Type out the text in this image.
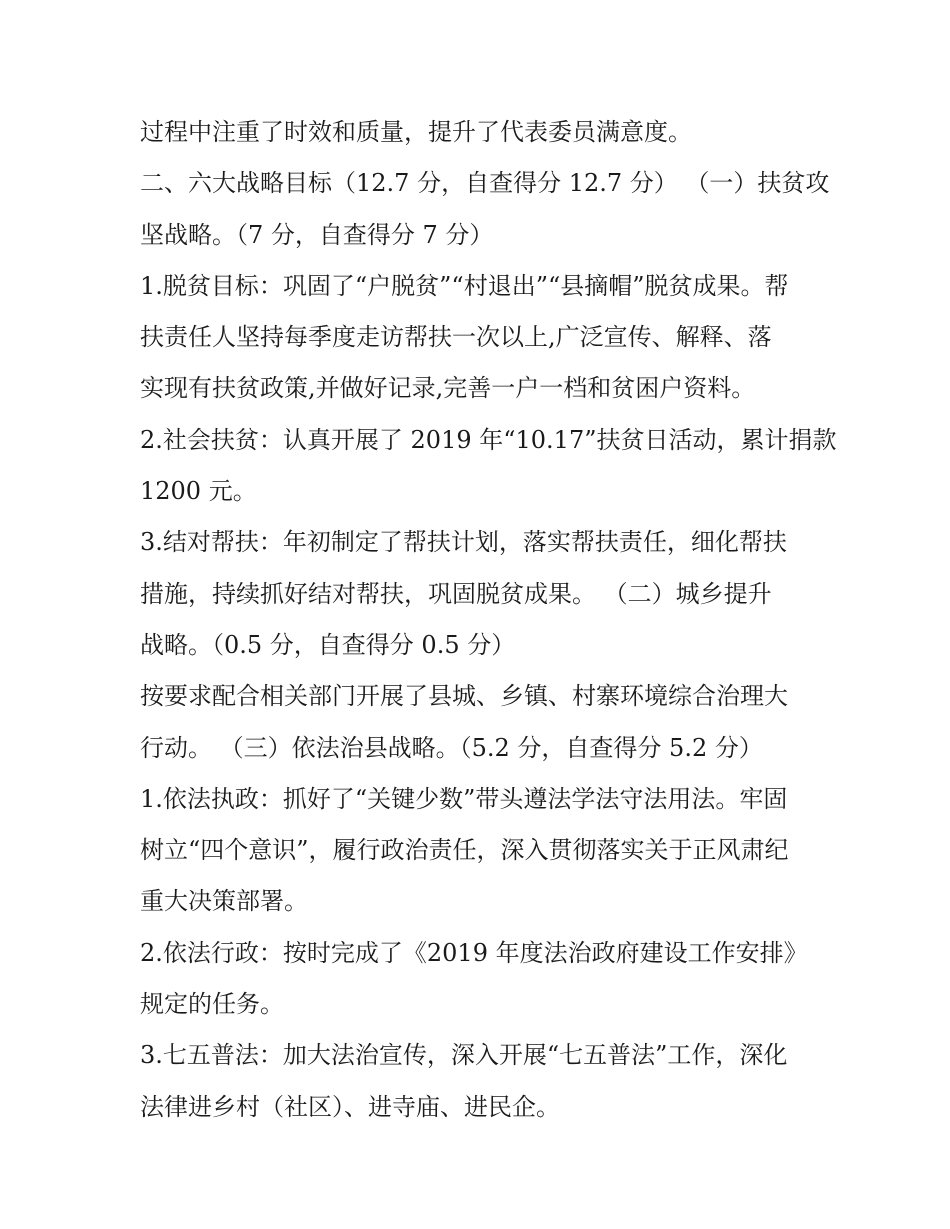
过程中注重了时效和质量，提升了代表委员满意度。
二、六大战略目标（12.7 分，自查得分 12.7 分） （一）扶贫攻
坚战略。（7 分，自查得分 7 分）
1.脱贫目标：巩固了“户脱贫”“村退出”“县摘帽”脱贫成果。帮
扶责任人坚持每季度走访帮扶一次以上,广泛宣传、解释、落
实现有扶贫政策,并做好记录,完善一户一档和贫困户资料。
2.社会扶贫：认真开展了 2019 年“10.17”扶贫日活动，累计捐款
1200 元。
3.结对帮扶：年初制定了帮扶计划，落实帮扶责任，细化帮扶
措施，持续抓好结对帮扶，巩固脱贫成果。 （二）城乡提升
战略。（0.5 分，自查得分 0.5 分）
按要求配合相关部门开展了县城、乡镇、村寨环境综合治理大
行动。 （三）依法治县战略。（5.2 分，自查得分 5.2 分）
1.依法执政：抓好了“关键少数”带头遵法学法守法用法。牢固
树立“四个意识”，履行政治责任，深入贯彻落实关于正风肃纪
重大决策部署。
2.依法行政：按时完成了《2019 年度法治政府建设工作安排》
规定的任务。
3.七五普法：加大法治宣传，深入开展“七五普法”工作，深化
法律进乡村（社区）、进寺庙、进民企。
